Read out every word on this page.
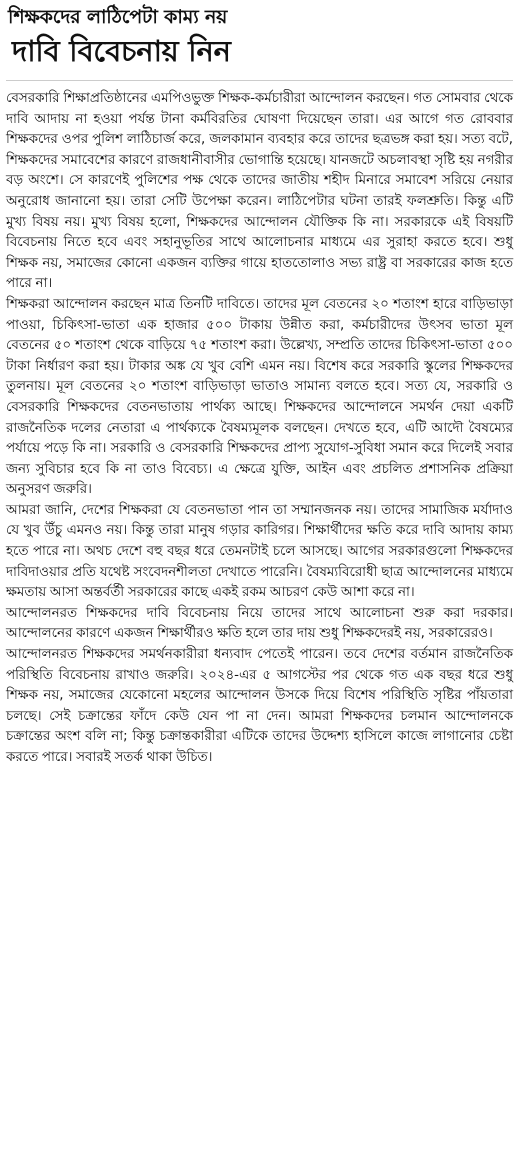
শিক্ষকদের লাঠিপেটা কাম্য নয়
দাবি বিবেচনায় নিন

বেসরকারি শিক্ষাপ্রতিষ্ঠানের এমপিওভুক্ত শিক্ষক-কর্মচারীরা আন্দোলন করছেন। গত সোমবার থেকে দাবি আদায় না হওয়া পর্যন্ত টানা কর্মবিরতির ঘোষণা দিয়েছেন তারা। এর আগে গত রোববার শিক্ষকদের ওপর পুলিশ লাঠিচার্জ করে, জলকামান ব্যবহার করে তাদের ছত্রভঙ্গ করা হয়। সত্য বটে, শিক্ষকদের সমাবেশের কারণে রাজধানীবাসীর ভোগান্তি হয়েছে। যানজটে অচলাবস্থা সৃষ্টি হয় নগরীর বড় অংশে। সে কারণেই পুলিশের পক্ষ থেকে তাদের জাতীয় শহীদ মিনারে সমাবেশ সরিয়ে নেয়ার অনুরোধ জানানো হয়। তারা সেটি উপেক্ষা করেন। লাঠিপেটার ঘটনা তারই ফলশ্রুতি। কিন্তু এটি মুখ্য বিষয় নয়। মুখ্য বিষয় হলো, শিক্ষকদের আন্দোলন যৌক্তিক কি না। সরকারকে এই বিষয়টি বিবেচনায় নিতে হবে এবং সহানুভূতির সাথে আলোচনার মাধ্যমে এর সুরাহা করতে হবে। শুধু শিক্ষক নয়, সমাজের কোনো একজন ব্যক্তির গায়ে হাততোলাও সভ্য রাষ্ট্র বা সরকারের কাজ হতে পারে না।

শিক্ষকরা আন্দোলন করছেন মাত্র তিনটি দাবিতে। তাদের মূল বেতনের ২০ শতাংশ হারে বাড়িভাড়া পাওয়া, চিকিৎসা-ভাতা এক হাজার ৫০০ টাকায় উন্নীত করা, কর্মচারীদের উৎসব ভাতা মূল বেতনের ৫০ শতাংশ থেকে বাড়িয়ে ৭৫ শতাংশ করা। উল্লেখ্য, সম্প্রতি তাদের চিকিৎসা-ভাতা ৫০০ টাকা নির্ধারণ করা হয়। টাকার অঙ্ক যে খুব বেশি এমন নয়। বিশেষ করে সরকারি স্কুলের শিক্ষকদের তুলনায়। মূল বেতনের ২০ শতাংশ বাড়িভাড়া ভাতাও সামান্য বলতে হবে। সত্য যে, সরকারি ও বেসরকারি শিক্ষকদের বেতনভাতায় পার্থক্য আছে। শিক্ষকদের আন্দোলনে সমর্থন দেয়া একটি রাজনৈতিক দলের নেতারা এ পার্থক্যকে বৈষম্যমূলক বলছেন। দেখতে হবে, এটি আদৌ বৈষম্যের পর্যায়ে পড়ে কি না। সরকারি ও বেসরকারি শিক্ষকদের প্রাপ্য সুযোগ-সুবিধা সমান করে দিলেই সবার জন্য সুবিচার হবে কি না তাও বিবেচ্য। এ ক্ষেত্রে যুক্তি, আইন এবং প্রচলিত প্রশাসনিক প্রক্রিয়া অনুসরণ জরুরি।

আমরা জানি, দেশের শিক্ষকরা যে বেতনভাতা পান তা সম্মানজনক নয়। তাদের সামাজিক মর্যাদাও যে খুব উঁচু এমনও নয়। কিন্তু তারা মানুষ গড়ার কারিগর। শিক্ষার্থীদের ক্ষতি করে দাবি আদায় কাম্য হতে পারে না। অথচ দেশে বহু বছর ধরে তেমনটাই চলে আসছে। আগের সরকারগুলো শিক্ষকদের দাবিদাওয়ার প্রতি যথেষ্ট সংবেদনশীলতা দেখাতে পারেনি। বৈষম্যবিরোধী ছাত্র আন্দোলনের মাধ্যমে ক্ষমতায় আসা অন্তর্বর্তী সরকারের কাছে একই রকম আচরণ কেউ আশা করে না।

আন্দোলনরত শিক্ষকদের দাবি বিবেচনায় নিয়ে তাদের সাথে আলোচনা শুরু করা দরকার। আন্দোলনের কারণে একজন শিক্ষার্থীরও ক্ষতি হলে তার দায় শুধু শিক্ষকদেরই নয়, সরকারেরও।

আন্দোলনরত শিক্ষকদের সমর্থনকারীরা ধন্যবাদ পেতেই পারেন। তবে দেশের বর্তমান রাজনৈতিক পরিস্থিতি বিবেচনায় রাখাও জরুরি। ২০২৪-এর ৫ আগস্টের পর থেকে গত এক বছর ধরে শুধু শিক্ষক নয়, সমাজের যেকোনো মহলের আন্দোলন উসকে দিয়ে বিশেষ পরিস্থিতি সৃষ্টির পাঁয়তারা চলছে। সেই চক্রান্তের ফাঁদে কেউ যেন পা না দেন। আমরা শিক্ষকদের চলমান আন্দোলনকে চক্রান্তের অংশ বলি না; কিন্তু চক্রান্তকারীরা এটিকে তাদের উদ্দেশ্য হাসিলে কাজে লাগানোর চেষ্টা করতে পারে। সবারই সতর্ক থাকা উচিত।
